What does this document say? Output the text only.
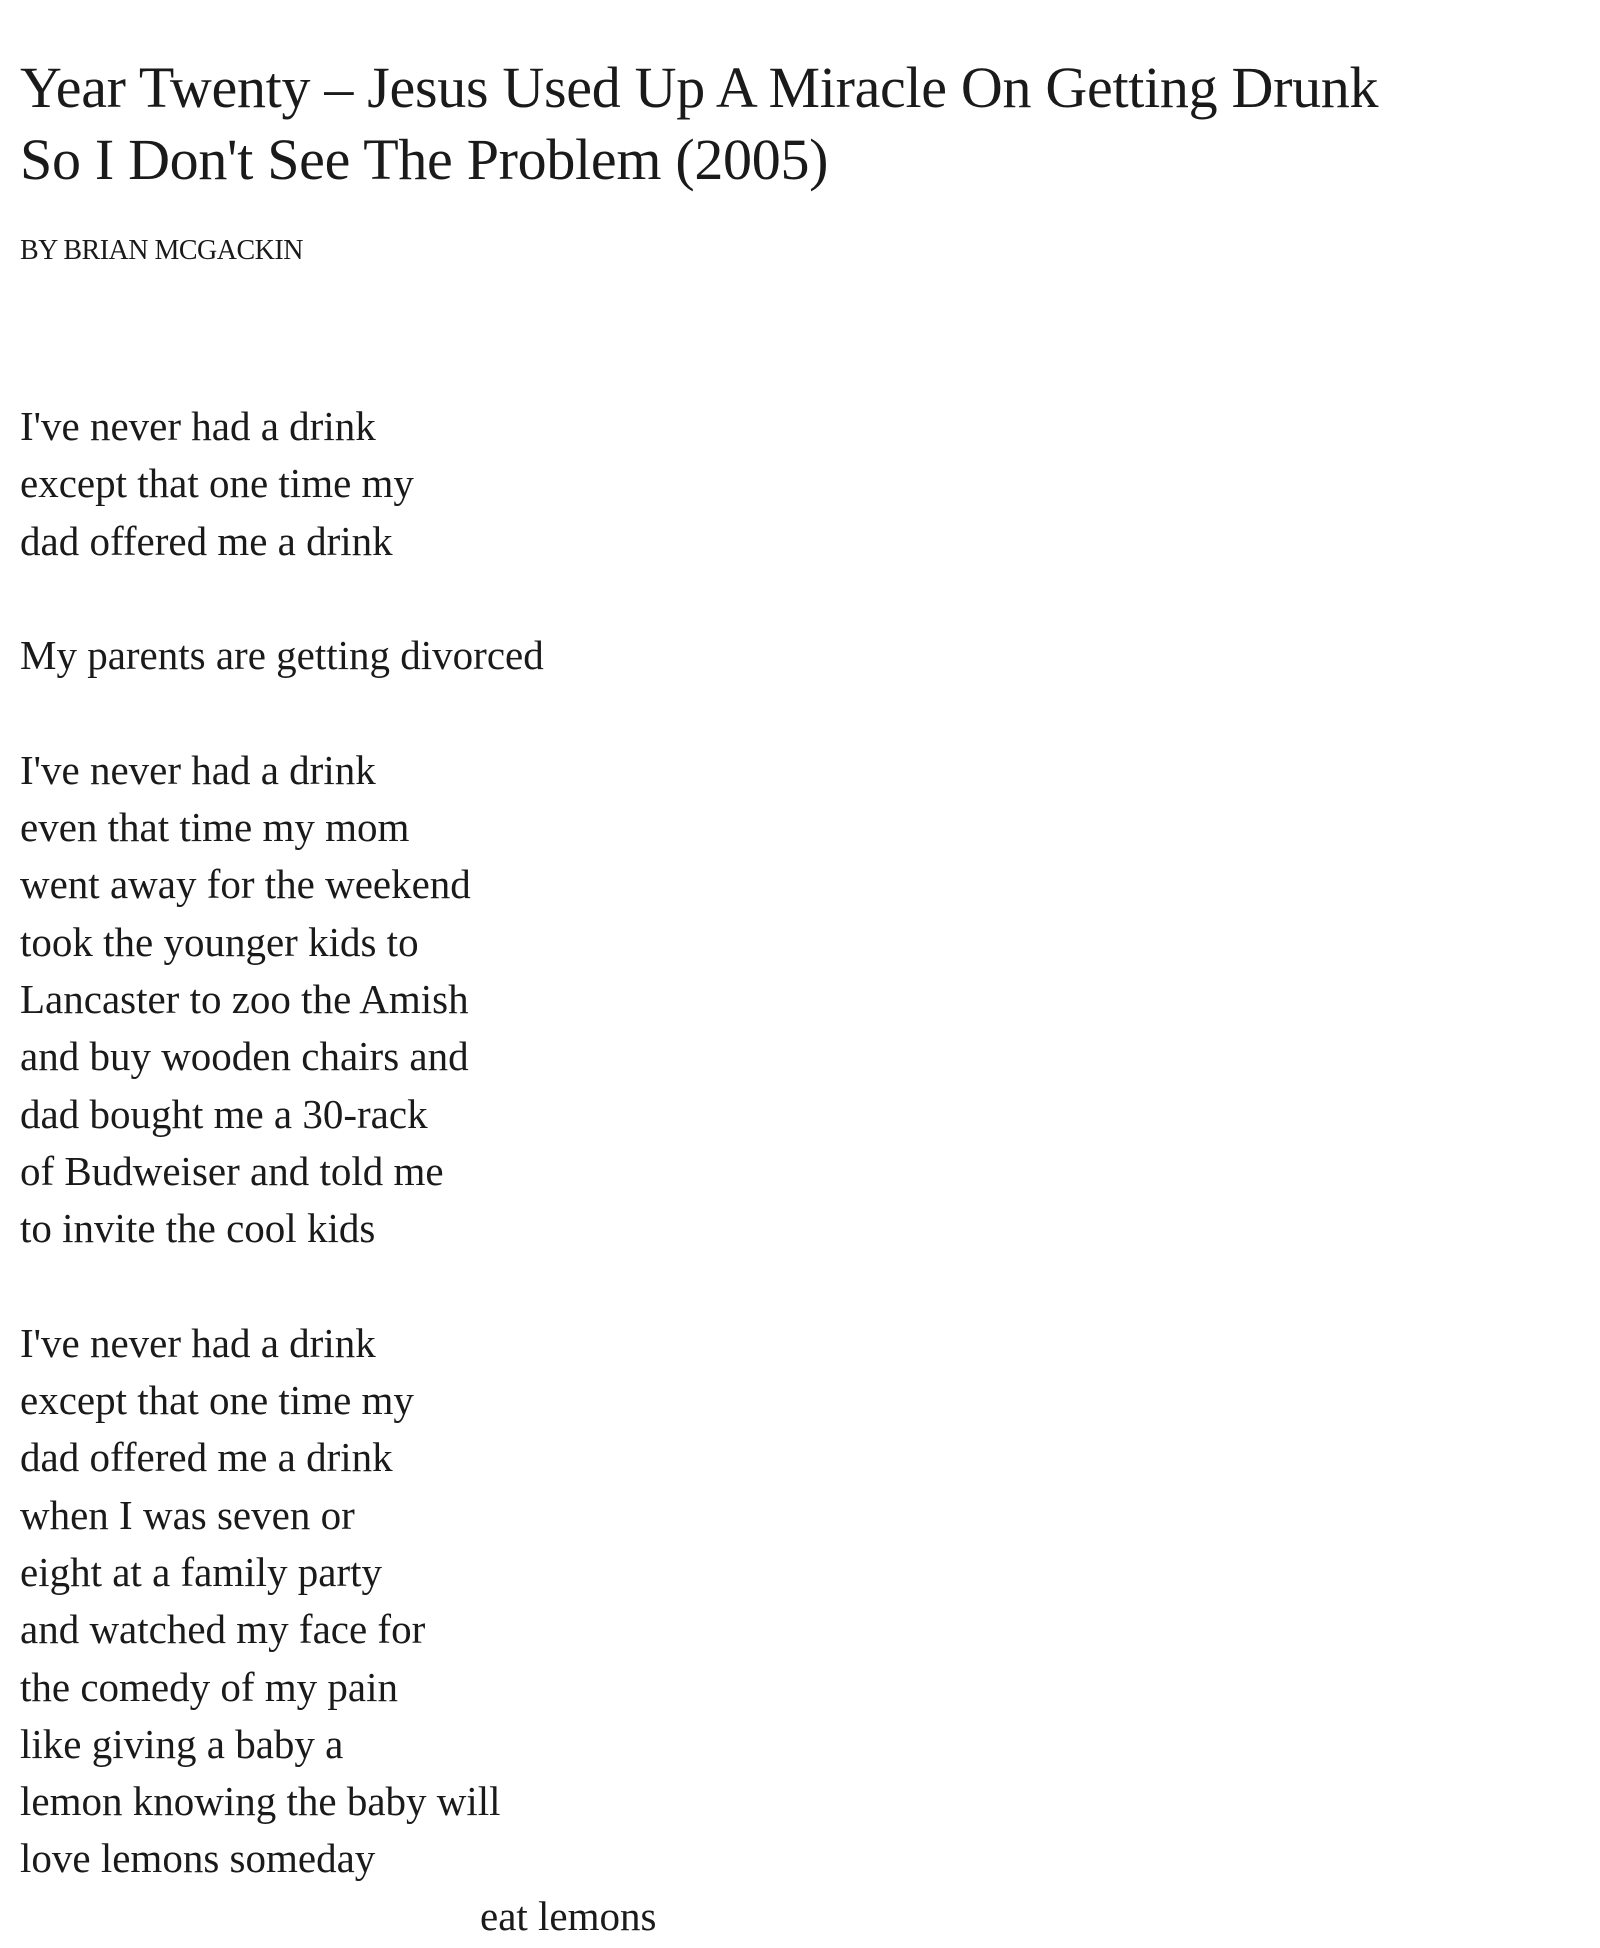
Year Twenty – Jesus Used Up A Miracle On Getting Drunk
So I Don't See The Problem (2005)
BY BRIAN MCGACKIN
I've never had a drink
except that one time my
dad offered me a drink
My parents are getting divorced
I've never had a drink
even that time my mom
went away for the weekend
took the younger kids to
Lancaster to zoo the Amish
and buy wooden chairs and
dad bought me a 30-rack
of Budweiser and told me
to invite the cool kids
I've never had a drink
except that one time my
dad offered me a drink
when I was seven or
eight at a family party
and watched my face for
the comedy of my pain
like giving a baby a
lemon knowing the baby will
love lemons someday
eat lemons
